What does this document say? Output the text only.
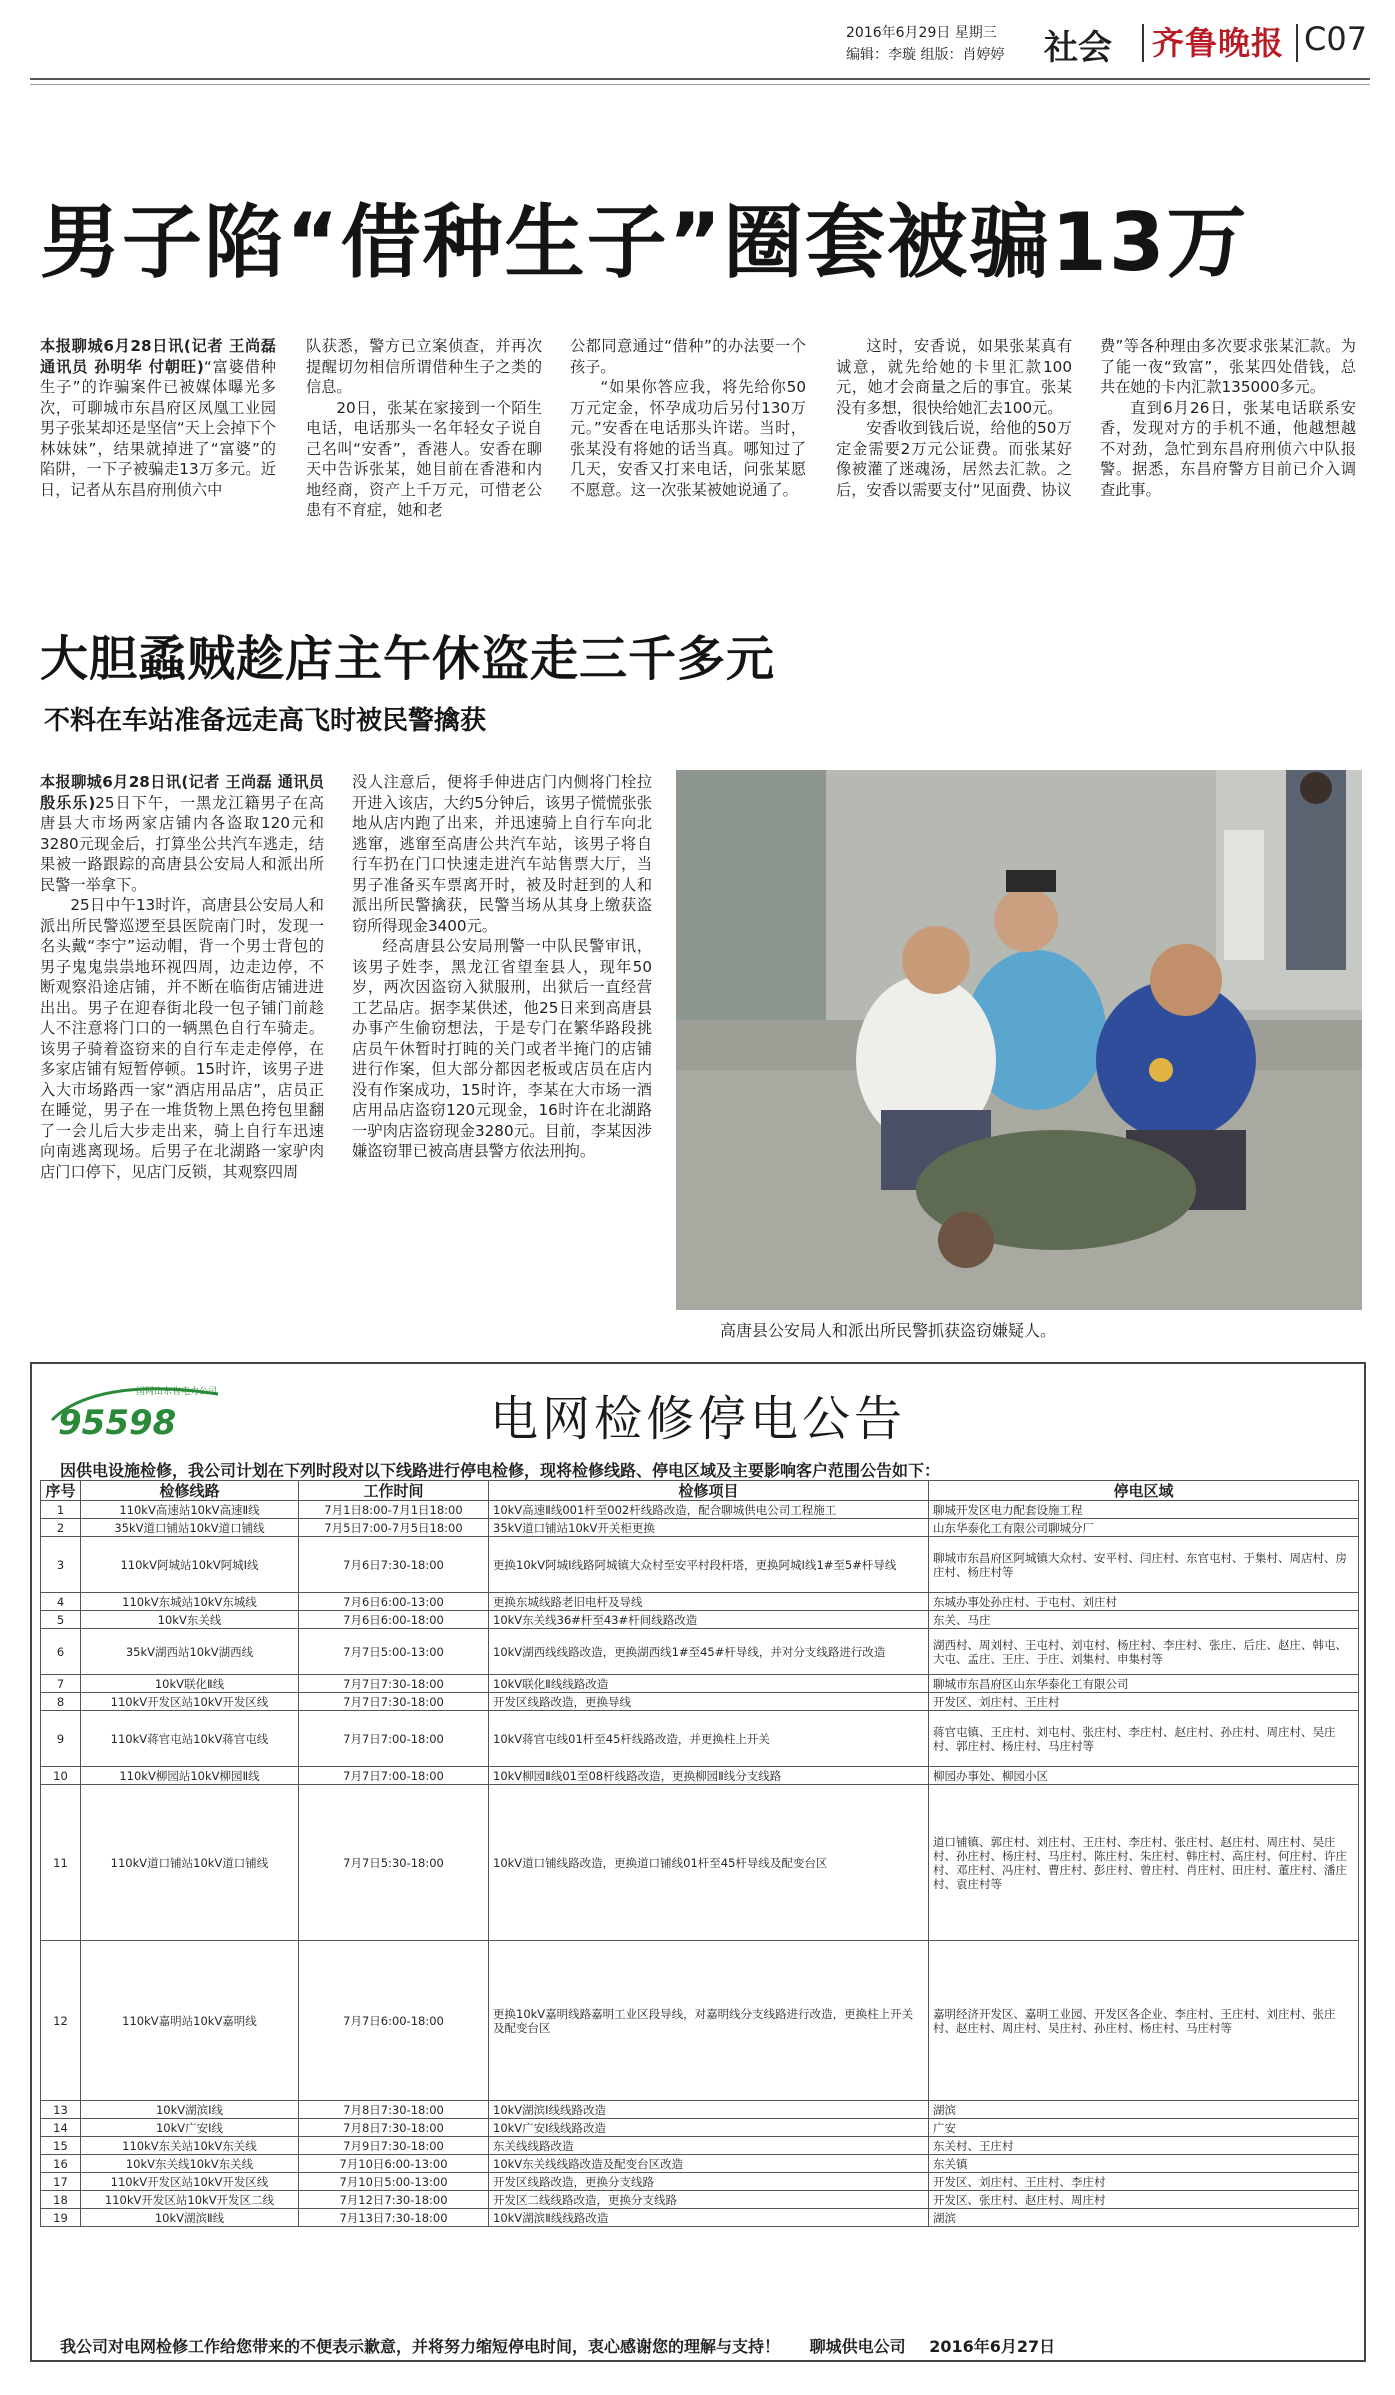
2016年6月29日 星期三
编辑：李璇 组版：肖婷婷 社会 齐鲁晚报 C07
男子陷“借种生子”圈套被骗13万

本报聊城6月28日讯(记者 王尚磊 通讯员 孙明华 付朝旺)“富婆借种生子”的诈骗案件已被媒体曝光多次，可聊城市东昌府区凤凰工业园男子张某却还是坚信“天上会掉下个林妹妹”，结果就掉进了“富婆”的陷阱，一下子被骗走13万多元。近日，记者从东昌府刑侦六中

队获悉，警方已立案侦查，并再次提醒切勿相信所谓借种生子之类的信息。

20日，张某在家接到一个陌生电话，电话那头一名年轻女子说自己名叫“安香”，香港人。安香在聊天中告诉张某，她目前在香港和内地经商，资产上千万元，可惜老公患有不育症，她和老

公都同意通过“借种”的办法要一个孩子。

“如果你答应我，将先给你50万元定金，怀孕成功后另付130万元。”安香在电话那头许诺。当时，张某没有将她的话当真。哪知过了几天，安香又打来电话，问张某愿不愿意。这一次张某被她说通了。

这时，安香说，如果张某真有诚意，就先给她的卡里汇款100元，她才会商量之后的事宜。张某没有多想，很快给她汇去100元。

安香收到钱后说，给他的50万定金需要2万元公证费。而张某好像被灌了迷魂汤，居然去汇款。之后，安香以需要支付“见面费、协议

费”等各种理由多次要求张某汇款。为了能一夜“致富”，张某四处借钱，总共在她的卡内汇款135000多元。

直到6月26日，张某电话联系安香，发现对方的手机不通，他越想越不对劲，急忙到东昌府刑侦六中队报警。据悉，东昌府警方目前已介入调查此事。

大胆蟊贼趁店主午休盗走三千多元
不料在车站准备远走高飞时被民警擒获

本报聊城6月28日讯(记者 王尚磊 通讯员 殷乐乐)25日下午，一黑龙江籍男子在高唐县大市场两家店铺内各盗取120元和3280元现金后，打算坐公共汽车逃走，结果被一路跟踪的高唐县公安局人和派出所民警一举拿下。

25日中午13时许，高唐县公安局人和派出所民警巡逻至县医院南门时，发现一名头戴“李宁”运动帽，背一个男士背包的男子鬼鬼祟祟地环视四周，边走边停，不断观察沿途店铺，并不断在临街店铺进进出出。男子在迎春街北段一包子铺门前趁人不注意将门口的一辆黑色自行车骑走。该男子骑着盗窃来的自行车走走停停，在多家店铺有短暂停顿。15时许，该男子进入大市场路西一家“酒店用品店”，店员正在睡觉，男子在一堆货物上黑色挎包里翻了一会儿后大步走出来，骑上自行车迅速向南逃离现场。后男子在北湖路一家驴肉店门口停下，见店门反锁，其观察四周

没人注意后，便将手伸进店门内侧将门栓拉开进入该店，大约5分钟后，该男子慌慌张张地从店内跑了出来，并迅速骑上自行车向北逃窜，逃窜至高唐公共汽车站，该男子将自行车扔在门口快速走进汽车站售票大厅，当男子准备买车票离开时，被及时赶到的人和派出所民警擒获，民警当场从其身上缴获盗窃所得现金3400元。

经高唐县公安局刑警一中队民警审讯，该男子姓李，黑龙江省望奎县人，现年50岁，两次因盗窃入狱服刑，出狱后一直经营工艺品店。据李某供述，他25日来到高唐县办事产生偷窃想法，于是专门在繁华路段挑店员午休暂时打盹的关门或者半掩门的店铺进行作案，但大部分都因老板或店员在店内没有作案成功，15时许，李某在大市场一酒店用品店盗窃120元现金，16时许在北湖路一驴肉店盗窃现金3280元。目前，李某因涉嫌盗窃罪已被高唐县警方依法刑拘。

高唐县公安局人和派出所民警抓获盗窃嫌疑人。
国网山东省电力公司
95598	电网检修停电公告
因供电设施检修，我公司计划在下列时段对以下线路进行停电检修，现将检修线路、停电区域及主要影响客户范围公告如下：
序号	检修线路	工作时间	检修项目	停电区域
1	110kV高速站10kV高速Ⅱ线	7月1日8:00-7月1日18:00	10kV高速Ⅱ线001杆至002杆线路改造，配合聊城供电公司工程施工	聊城开发区电力配套设施工程
2	35kV道口铺站10kV道口铺线	7月5日7:00-7月5日18:00	35kV道口铺站10kV开关柜更换	山东华泰化工有限公司聊城分厂
3	110kV阿城站10kV阿城Ⅰ线	7月6日7:30-18:00	更换10kV阿城Ⅰ线路阿城镇大众村至安平村段杆塔，更换阿城Ⅰ线1#至5#杆导线	聊城市东昌府区阿城镇大众村、安平村、闫庄村、东官屯村、于集村、周店村、房庄村、杨庄村等
4	110kV东城站10kV东城线	7月6日6:00-13:00	更换东城线路老旧电杆及导线	东城办事处孙庄村、于屯村、刘庄村
5	10kV东关线	7月6日6:00-18:00	10kV东关线36#杆至43#杆间线路改造	东关、马庄
6	35kV湖西站10kV湖西线	7月7日5:00-13:00	10kV湖西线线路改造，更换湖西线1#至45#杆导线，并对分支线路进行改造	湖西村、周刘村、王屯村、刘屯村、杨庄村、李庄村、张庄、后庄、赵庄、韩屯、大屯、孟庄、王庄、于庄、刘集村、申集村等
7	10kV联化Ⅱ线	7月7日7:30-18:00	10kV联化Ⅱ线线路改造	聊城市东昌府区山东华泰化工有限公司
8	110kV开发区站10kV开发区线	7月7日7:30-18:00	开发区线路改造，更换导线	开发区、刘庄村、王庄村
9	110kV蒋官屯站10kV蒋官屯线	7月7日7:00-18:00	10kV蒋官屯线01杆至45杆线路改造，并更换柱上开关	蒋官屯镇、王庄村、刘屯村、张庄村、李庄村、赵庄村、孙庄村、周庄村、吴庄村、郭庄村、杨庄村、马庄村等
10	110kV柳园站10kV柳园Ⅱ线	7月7日7:00-18:00	10kV柳园Ⅱ线01至08杆线路改造，更换柳园Ⅱ线分支线路	柳园办事处、柳园小区
11	110kV道口铺站10kV道口铺线	7月7日5:30-18:00	10kV道口铺线路改造，更换道口铺线01杆至45杆导线及配变台区	道口铺镇、郭庄村、刘庄村、王庄村、李庄村、张庄村、赵庄村、周庄村、吴庄村、孙庄村、杨庄村、马庄村、陈庄村、朱庄村、韩庄村、高庄村、何庄村、许庄村、邓庄村、冯庄村、曹庄村、彭庄村、曾庄村、肖庄村、田庄村、董庄村、潘庄村、袁庄村等
12	110kV嘉明站10kV嘉明线	7月7日6:00-18:00	更换10kV嘉明线路嘉明工业区段导线，对嘉明线分支线路进行改造，更换柱上开关及配变台区	嘉明经济开发区、嘉明工业园、开发区各企业、李庄村、王庄村、刘庄村、张庄村、赵庄村、周庄村、吴庄村、孙庄村、杨庄村、马庄村等
13	10kV湖滨Ⅰ线	7月8日7:30-18:00	10kV湖滨Ⅰ线线路改造	湖滨
14	10kV广安Ⅰ线	7月8日7:30-18:00	10kV广安Ⅰ线线路改造	广安
15	110kV东关站10kV东关线	7月9日7:30-18:00	东关线线路改造	东关村、王庄村
16	10kV东关线10kV东关线	7月10日6:00-13:00	10kV东关线线路改造及配变台区改造	东关镇
17	110kV开发区站10kV开发区线	7月10日5:00-13:00	开发区线路改造，更换分支线路	开发区、刘庄村、王庄村、李庄村
18	110kV开发区站10kV开发区二线	7月12日7:30-18:00	开发区二线线路改造，更换分支线路	开发区、张庄村、赵庄村、周庄村
19	10kV湖滨Ⅱ线	7月13日7:30-18:00	10kV湖滨Ⅱ线线路改造	湖滨
我公司对电网检修工作给您带来的不便表示歉意，并将努力缩短停电时间，衷心感谢您的理解与支持！ 聊城供电公司 2016年6月27日
